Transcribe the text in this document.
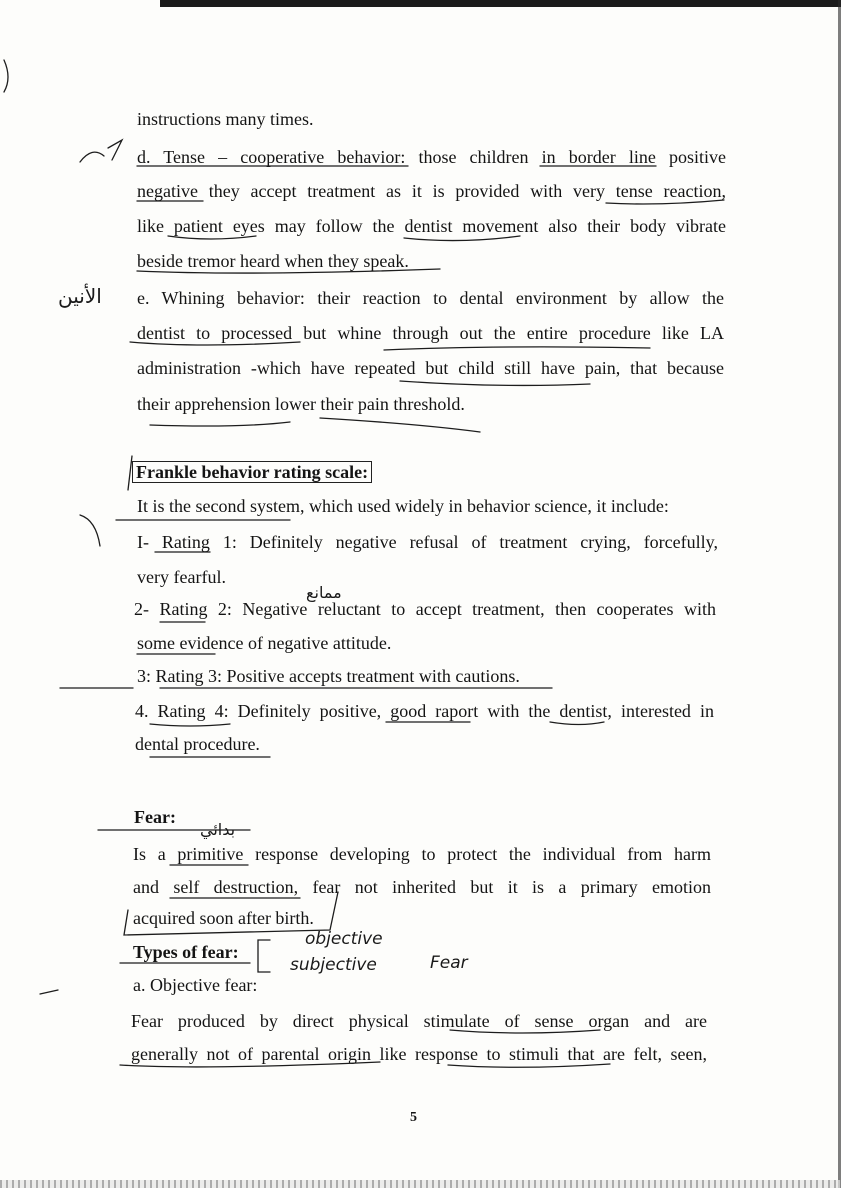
instructions many times.
d. Tense – cooperative behavior: those children in border line positive
negative they accept treatment as it is provided with very tense reaction,
like patient eyes may follow the dentist movement also their body vibrate
beside tremor heard when they speak.
e. Whining behavior: their reaction to dental environment by allow the
dentist to processed but whine through out the entire procedure like LA
administration -which have repeated but child still have pain, that because
their apprehension lower their pain threshold.
Frankle behavior rating scale:
It is the second system, which used widely in behavior science, it include:
I- Rating 1: Definitely negative refusal of treatment crying, forcefully,
very fearful.
2- Rating 2: Negative reluctant to accept treatment, then cooperates with
some evidence of negative attitude.
3: Rating 3: Positive accepts treatment with cautions.
4. Rating 4: Definitely positive, good raport with the dentist, interested in
dental procedure.
Fear:
Is a primitive response developing to protect the individual from harm
and self destruction, fear not inherited but it is a primary emotion
acquired soon after birth.
Types of fear:
a. Objective fear:
Fear produced by direct physical stimulate of sense organ and are
generally not of parental origin like response to stimuli that are felt, seen,
5
الأنين
ممانع
بدائي
objective
subjective	Fear
